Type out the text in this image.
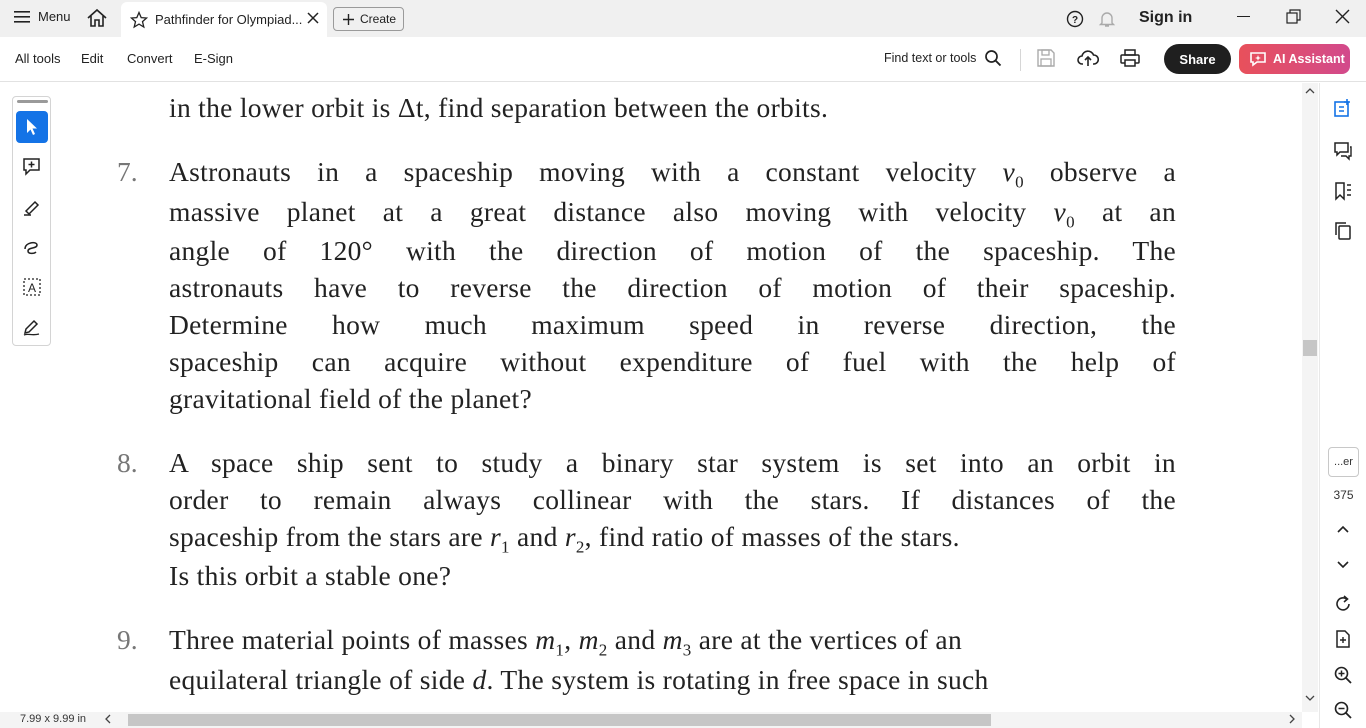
Menu	Pathfinder for Olympiad...	Create	?	Sign in
All tools Edit Convert E-Sign	Find text or tools	Share	AI Assistant
A
in the lower orbit is Δt, find separation between the orbits.
7. Astronauts in a spaceship moving with a constant velocity $v_0$ observe a
massive planet at a great distance also moving with velocity $v_0$ at an
angle of 120° with the direction of motion of the spaceship. The
astronauts have to reverse the direction of motion of their spaceship.
Determine how much maximum speed in reverse direction, the
spaceship can acquire without expenditure of fuel with the help of
gravitational field of the planet?
8. A space ship sent to study a binary star system is set into an orbit in
order to remain always collinear with the stars. If distances of the
spaceship from the stars are $r_1$ and $r_2$, find ratio of masses of the stars.
Is this orbit a stable one?
9. Three material points of masses $m_1$, $m_2$ and $m_3$ are at the vertices of an
equilateral triangle of side d. The system is rotating in free space in such
...er
375
7.99 x 9.99 in
